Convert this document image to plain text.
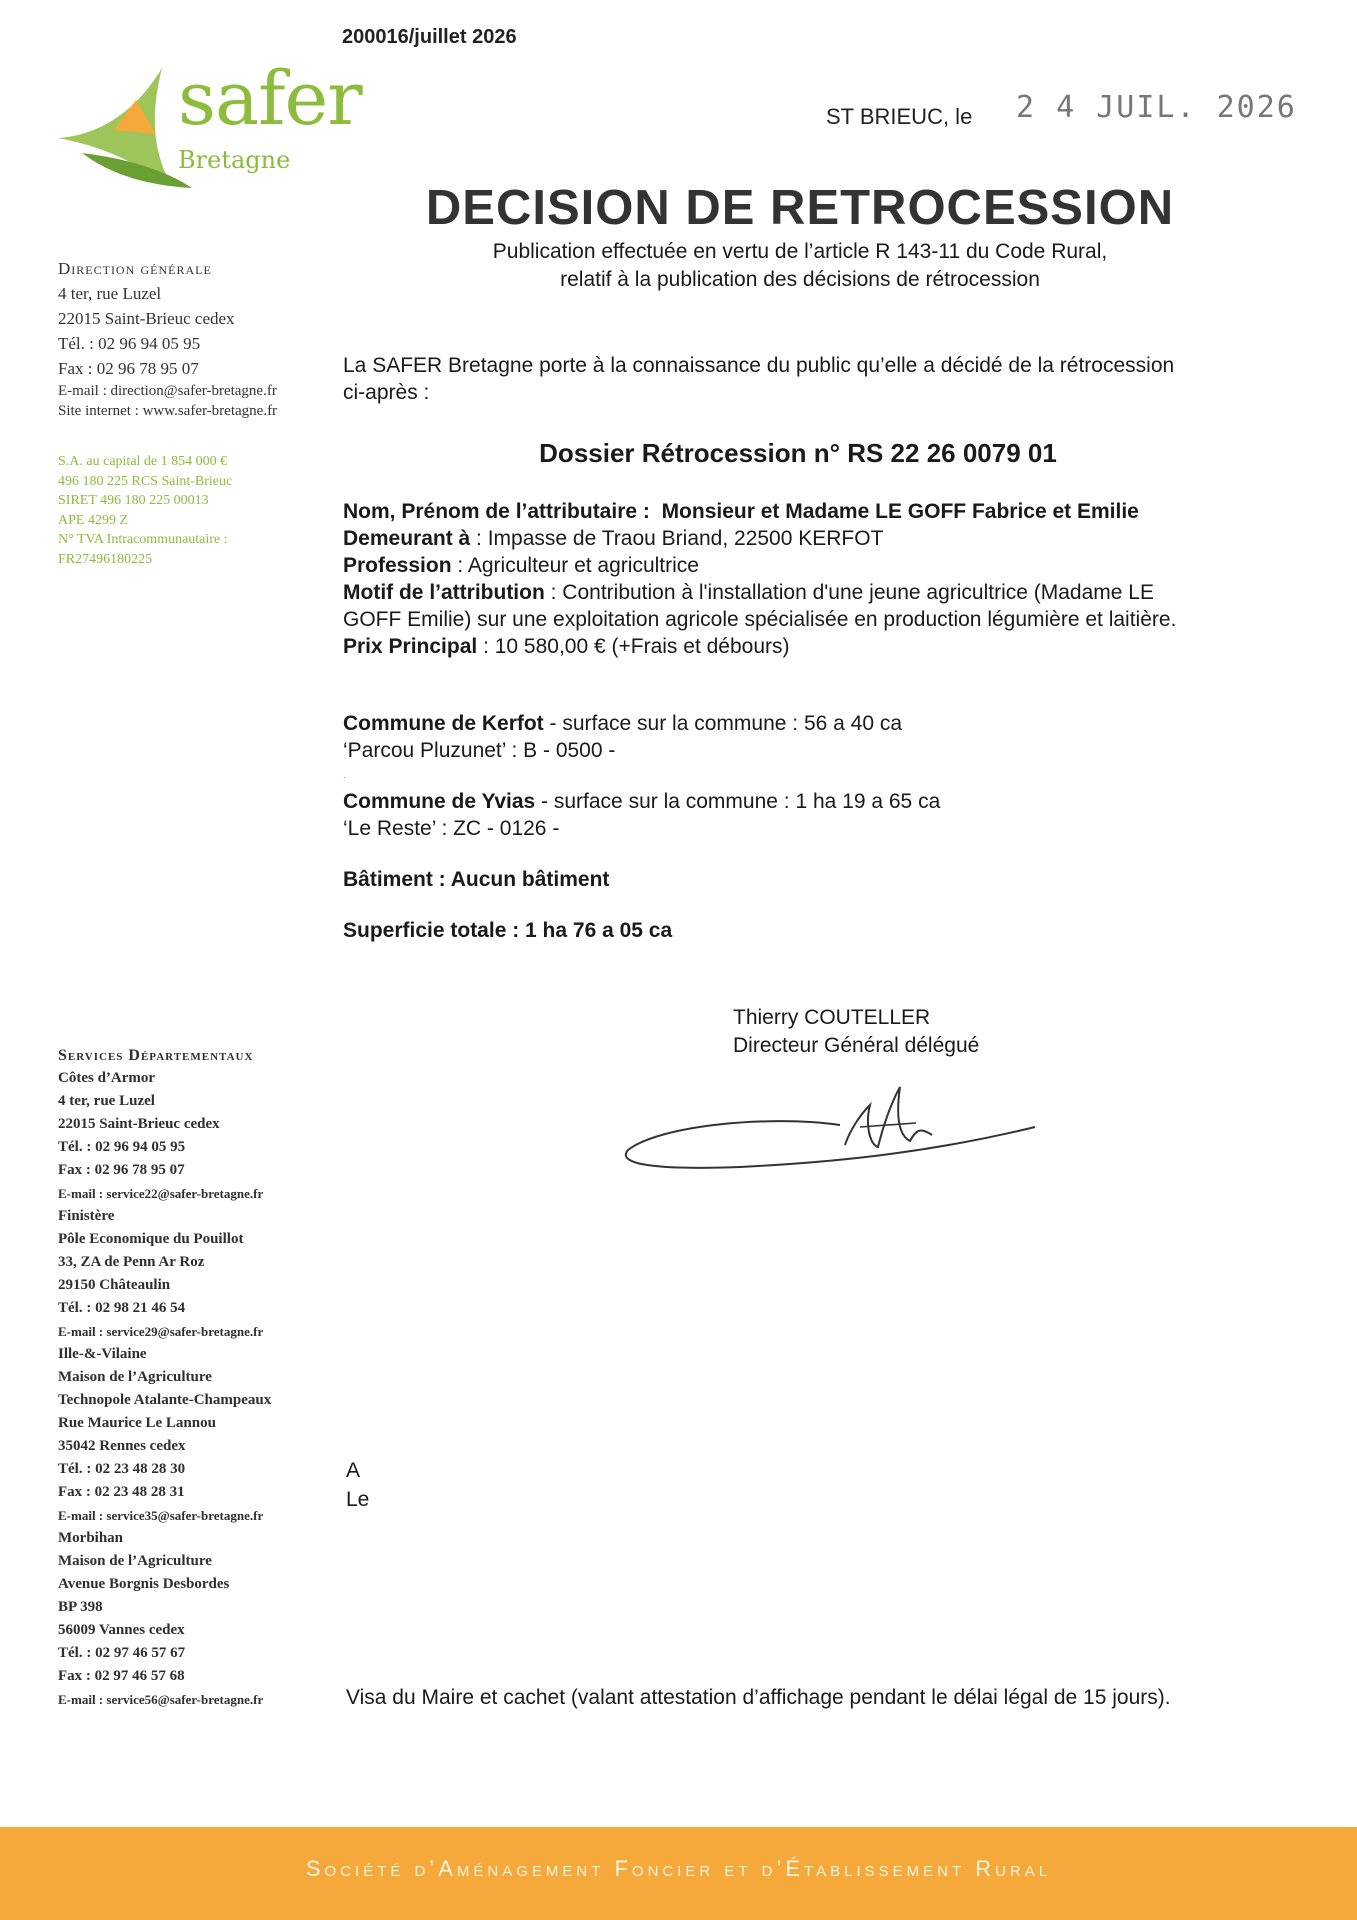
200016/juillet 2026
safer
Bretagne
ST BRIEUC, le 2 4 JUIL. 2026
DECISION DE RETROCESSION
Publication effectuée en vertu de l’article R 143-11 du Code Rural,
relatif à la publication des décisions de rétrocession
Direction générale
4 ter, rue Luzel
22015 Saint-Brieuc cedex
Tél. : 02 96 94 05 95
Fax : 02 96 78 95 07
E-mail : direction@safer-bretagne.fr
Site internet : www.safer-bretagne.fr
S.A. au capital de 1 854 000 €
496 180 225 RCS Saint-Brieuc
SIRET 496 180 225 00013
APE 4299 Z
N° TVA Intracommunautaire :
FR27496180225
Services Départementaux
Côtes d’Armor
4 ter, rue Luzel
22015 Saint-Brieuc cedex
Tél. : 02 96 94 05 95
Fax : 02 96 78 95 07
E-mail : service22@safer-bretagne.fr
Finistère
Pôle Economique du Pouillot
33, ZA de Penn Ar Roz
29150 Châteaulin
Tél. : 02 98 21 46 54
E-mail : service29@safer-bretagne.fr
Ille-&-Vilaine
Maison de l’Agriculture
Technopole Atalante-Champeaux
Rue Maurice Le Lannou
35042 Rennes cedex
Tél. : 02 23 48 28 30
Fax : 02 23 48 28 31
E-mail : service35@safer-bretagne.fr
Morbihan
Maison de l’Agriculture
Avenue Borgnis Desbordes
BP 398
56009 Vannes cedex
Tél. : 02 97 46 57 67
Fax : 02 97 46 57 68
E-mail : service56@safer-bretagne.fr
La SAFER Bretagne porte à la connaissance du public qu’elle a décidé de la rétrocession
ci-après :
Dossier Rétrocession n° RS 22 26 0079 01
Nom, Prénom de l’attributaire : Monsieur et Madame LE GOFF Fabrice et Emilie
Demeurant à : Impasse de Traou Briand, 22500 KERFOT
Profession : Agriculteur et agricultrice
Motif de l’attribution : Contribution à l'installation d'une jeune agricultrice (Madame LE
GOFF Emilie) sur une exploitation agricole spécialisée en production légumière et laitière.
Prix Principal : 10 580,00 € (+Frais et débours)
Commune de Kerfot - surface sur la commune : 56 a 40 ca
‘Parcou Pluzunet’ : B - 0500 -
.
Commune de Yvias - surface sur la commune : 1 ha 19 a 65 ca
‘Le Reste’ : ZC - 0126 -
Bâtiment : Aucun bâtiment
Superficie totale : 1 ha 76 a 05 ca
Thierry COUTELLER
Directeur Général délégué
A
Le
Visa du Maire et cachet (valant attestation d’affichage pendant le délai légal de 15 jours).
Société d’Aménagement Foncier et d’Établissement Rural
